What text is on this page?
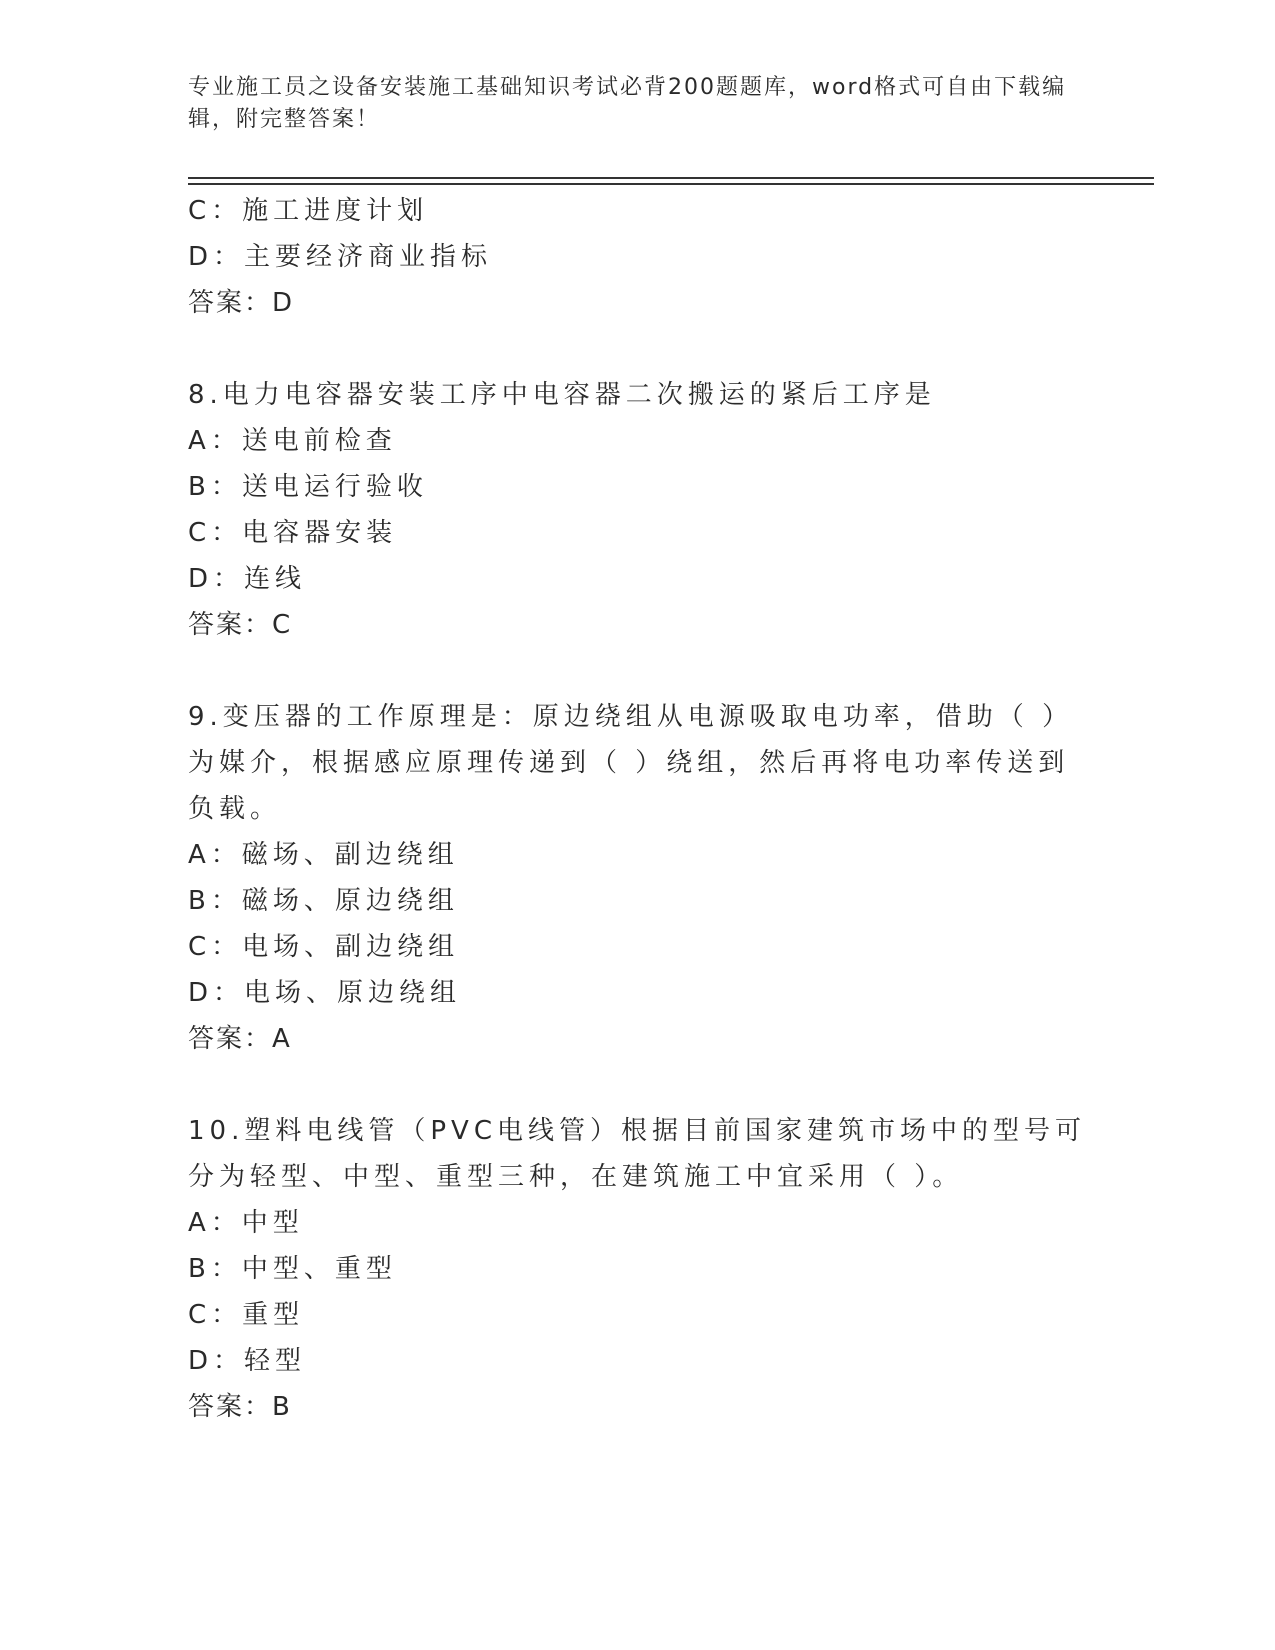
专业施工员之设备安装施工基础知识考试必背200题题库，word格式可自由下载编辑，附完整答案！
C：施工进度计划
D：主要经济商业指标
答案：D
8.电力电容器安装工序中电容器二次搬运的紧后工序是
A：送电前检查
B：送电运行验收
C：电容器安装
D：连线
答案：C
9.变压器的工作原理是：原边绕组从电源吸取电功率，借助（ ）为媒介，根据感应原理传递到（ ）绕组，然后再将电功率传送到负载。
A：磁场、副边绕组
B：磁场、原边绕组
C：电场、副边绕组
D：电场、原边绕组
答案：A
10.塑料电线管（PVC电线管）根据目前国家建筑市场中的型号可分为轻型、中型、重型三种，在建筑施工中宜采用（ ）。
A：中型
B：中型、重型
C：重型
D：轻型
答案：B
